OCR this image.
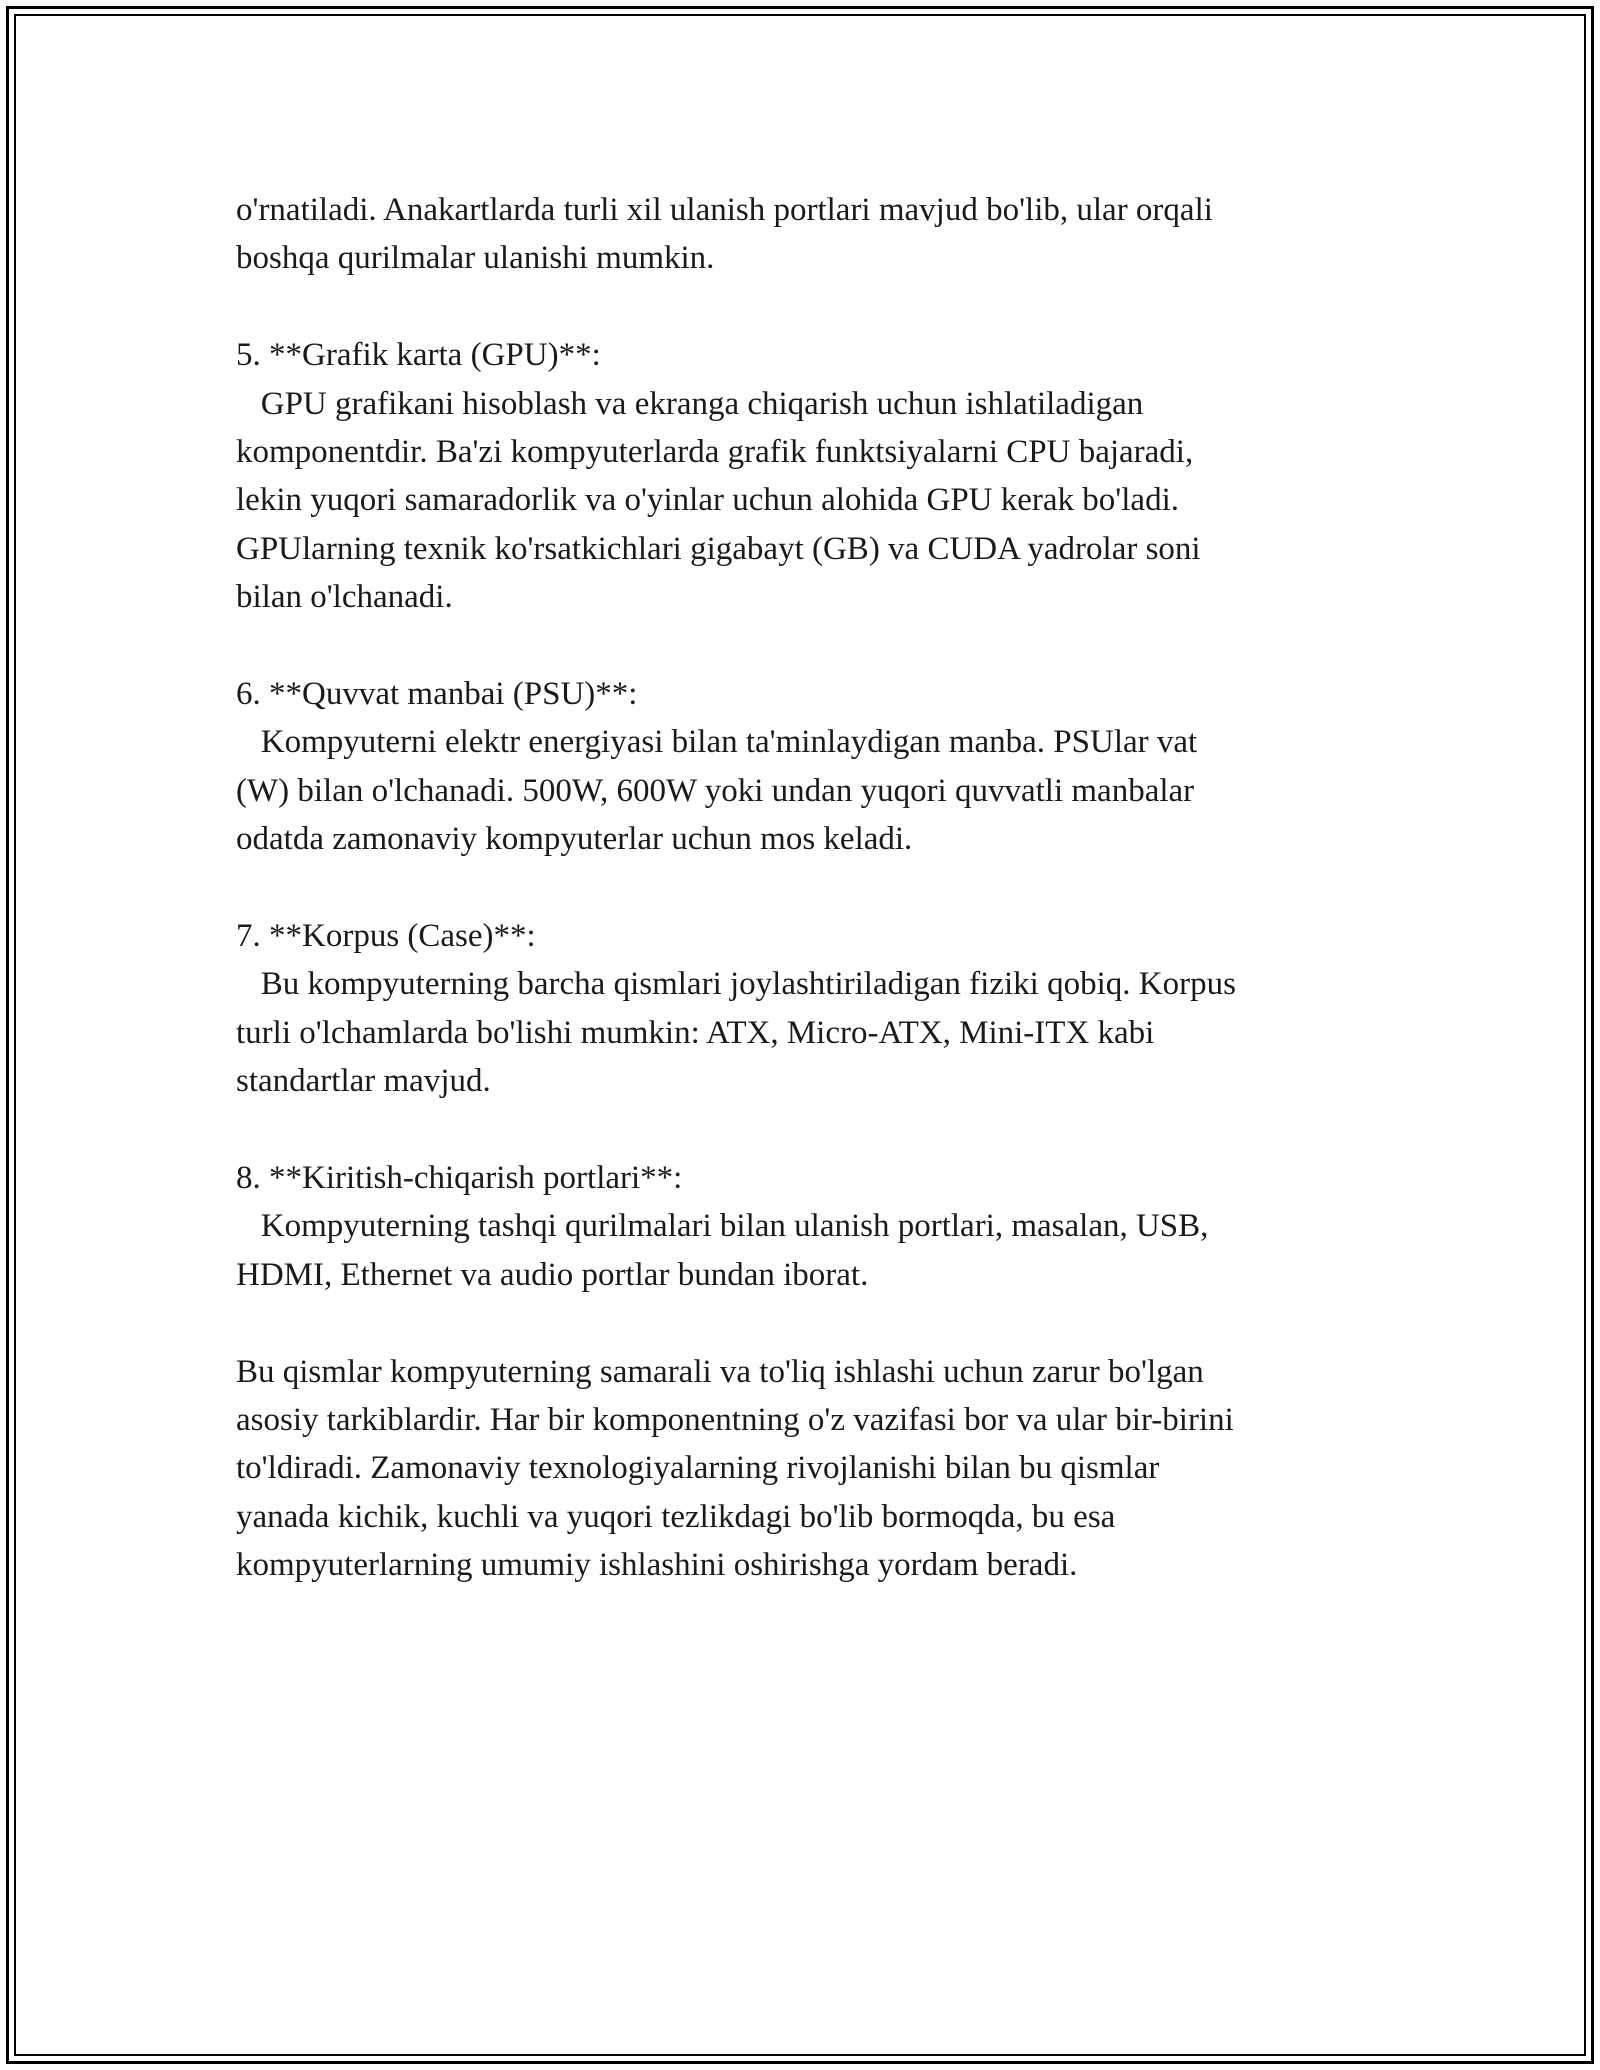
o'rnatiladi. Anakartlarda turli xil ulanish portlari mavjud bo'lib, ular orqali
boshqa qurilmalar ulanishi mumkin.
5. **Grafik karta (GPU)**:
GPU grafikani hisoblash va ekranga chiqarish uchun ishlatiladigan
komponentdir. Ba'zi kompyuterlarda grafik funktsiyalarni CPU bajaradi,
lekin yuqori samaradorlik va o'yinlar uchun alohida GPU kerak bo'ladi.
GPUlarning texnik ko'rsatkichlari gigabayt (GB) va CUDA yadrolar soni
bilan o'lchanadi.
6. **Quvvat manbai (PSU)**:
Kompyuterni elektr energiyasi bilan ta'minlaydigan manba. PSUlar vat
(W) bilan o'lchanadi. 500W, 600W yoki undan yuqori quvvatli manbalar
odatda zamonaviy kompyuterlar uchun mos keladi.
7. **Korpus (Case)**:
Bu kompyuterning barcha qismlari joylashtiriladigan fiziki qobiq. Korpus
turli o'lchamlarda bo'lishi mumkin: ATX, Micro-ATX, Mini-ITX kabi
standartlar mavjud.
8. **Kiritish-chiqarish portlari**:
Kompyuterning tashqi qurilmalari bilan ulanish portlari, masalan, USB,
HDMI, Ethernet va audio portlar bundan iborat.
Bu qismlar kompyuterning samarali va to'liq ishlashi uchun zarur bo'lgan
asosiy tarkiblardir. Har bir komponentning o'z vazifasi bor va ular bir-birini
to'ldiradi. Zamonaviy texnologiyalarning rivojlanishi bilan bu qismlar
yanada kichik, kuchli va yuqori tezlikdagi bo'lib bormoqda, bu esa
kompyuterlarning umumiy ishlashini oshirishga yordam beradi.
